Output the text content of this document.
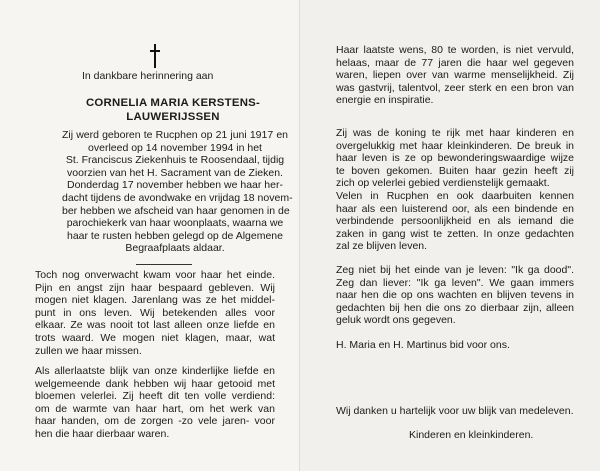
In dankbare herinnering aan
CORNELIA MARIA KERSTENS-
LAUWERIJSSEN
Zij werd geboren te Rucphen op 21 juni 1917 en
overleed op 14 november 1994 in het
St. Franciscus Ziekenhuis te Roosendaal, tijdig
voorzien van het H. Sacrament van de Zieken.
Donderdag 17 november hebben we haar her-
dacht tijdens de avondwake en vrijdag 18 novem-
ber hebben we afscheid van haar genomen in de
parochiekerk van haar woonplaats, waarna we
haar te rusten hebben gelegd op de Algemene
Begraafplaats aldaar.
Toch nog onverwacht kwam voor haar het einde.
Pijn en angst zijn haar bespaard gebleven. Wij
mogen niet klagen. Jarenlang was ze het middel-
punt in ons leven. Wij betekenden alles voor
elkaar. Ze was nooit tot last alleen onze liefde en
trots waard. We mogen niet klagen, maar, wat
zullen we haar missen.
Als allerlaatste blijk van onze kinderlijke liefde en
welgemeende dank hebben wij haar getooid met
bloemen velerlei. Zij heeft dit ten volle verdiend:
om de warmte van haar hart, om het werk van
haar handen, om de zorgen -zo vele jaren- voor
hen die haar dierbaar waren.
Haar laatste wens, 80 te worden, is niet vervuld,
helaas, maar de 77 jaren die haar wel gegeven
waren, liepen over van warme menselijkheid. Zij
was gastvrij, talentvol, zeer sterk en een bron van
energie en inspiratie.
Zij was de koning te rijk met haar kinderen en
overgelukkig met haar kleinkinderen. De breuk in
haar leven is ze op bewonderingswaardige wijze
te boven gekomen. Buiten haar gezin heeft zij
zich op velerlei gebied verdienstelijk gemaakt.
Velen in Rucphen en ook daarbuiten kennen
haar als een luisterend oor, als een bindende en
verbindende persoonlijkheid en als iemand die
zaken in gang wist te zetten. In onze gedachten
zal ze blijven leven.
Zeg niet bij het einde van je leven: "Ik ga dood".
Zeg dan liever: "Ik ga leven". We gaan immers
naar hen die op ons wachten en blijven tevens in
gedachten bij hen die ons zo dierbaar zijn, alleen
geluk wordt ons gegeven.
H. Maria en H. Martinus bid voor ons.
Wij danken u hartelijk voor uw blijk van medeleven.
Kinderen en kleinkinderen.
